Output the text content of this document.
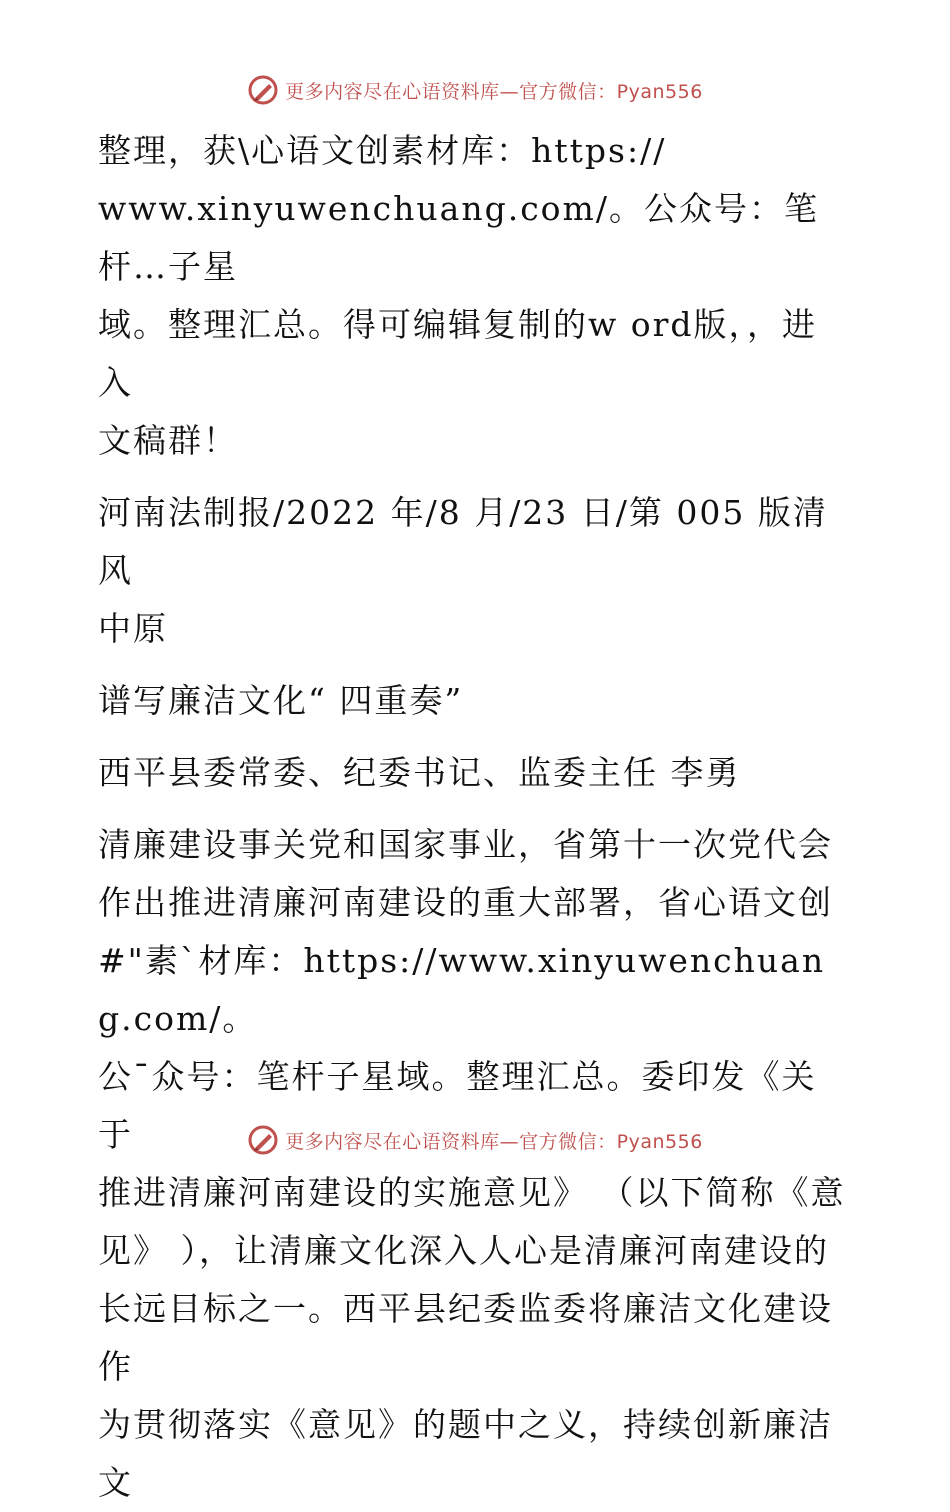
更多内容尽在心语资料库—官方微信：Pyan556

整理，获\心语文创素材库：https://

www.xinyuwenchuang.com/。公众号：笔杆…子星

域。整理汇总。得可编辑复制的w ord版，，进入

文稿群！

河南法制报/2022 年/8 月/23 日/第 005 版清风

中原

谱写廉洁文化“ 四重奏”

西平县委常委、纪委书记、监委主任 李勇

清廉建设事关党和国家事业，省第十一次党代会

作出推进清廉河南建设的重大部署，省心语文创

#"素`材库：https://www.xinyuwenchuang.com/。

公¯众号：笔杆子星域。整理汇总。委印发《关于

推进清廉河南建设的实施意见》 （以下简称《意

见》 ），让清廉文化深入人心是清廉河南建设的

长远目标之一。西平县纪委监委将廉洁文化建设作

为贯彻落实《意见》的题中之义，持续创新廉洁文

更多内容尽在心语资料库—官方微信：Pyan556
